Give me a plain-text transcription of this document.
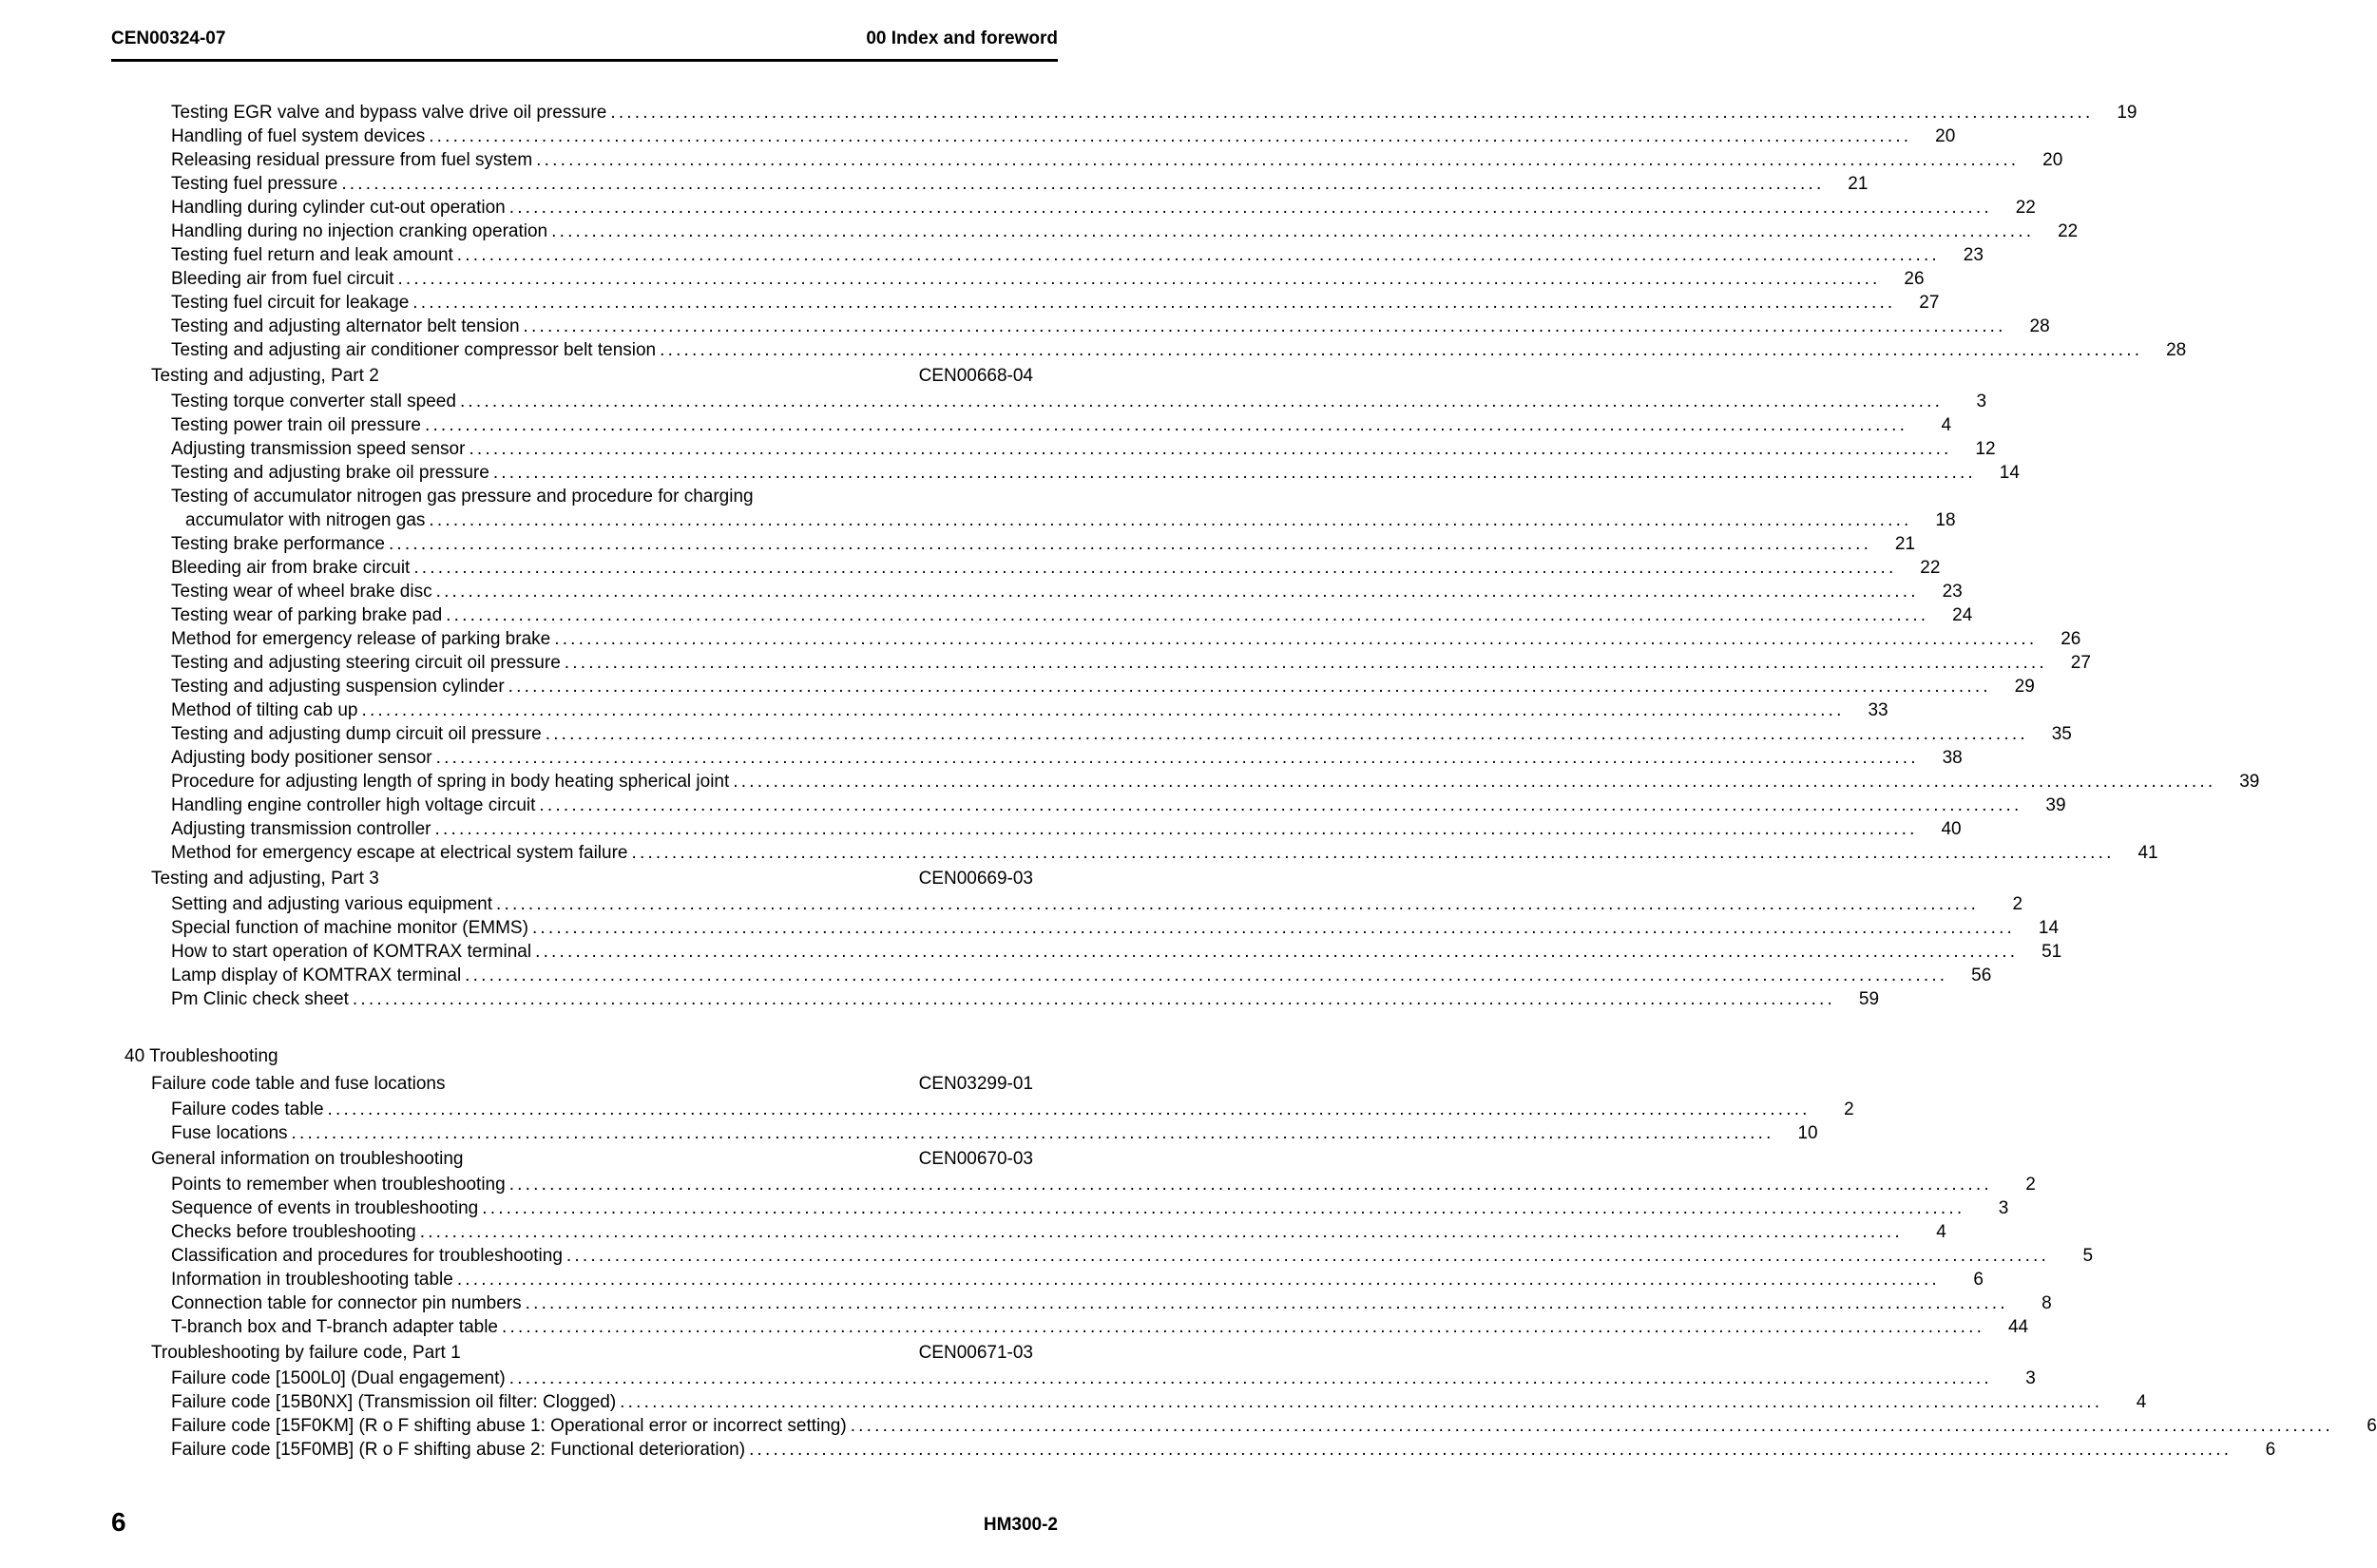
CEN00324-07	00 Index and foreword
Testing EGR valve and bypass valve drive oil pressure .....	19
Handling of fuel system devices .....	20
Releasing residual pressure from fuel system .....	20
Testing fuel pressure .....	21
Handling during cylinder cut-out operation .....	22
Handling during no injection cranking operation .....	22
Testing fuel return and leak amount .....	23
Bleeding air from fuel circuit .....	26
Testing fuel circuit for leakage .....	27
Testing and adjusting alternator belt tension .....	28
Testing and adjusting air conditioner compressor belt tension .....	28
Testing and adjusting, Part 2	CEN00668-04
Testing torque converter stall speed .....	3
Testing power train oil pressure .....	4
Adjusting transmission speed sensor .....	12
Testing and adjusting brake oil pressure .....	14
Testing of accumulator nitrogen gas pressure and procedure for charging
accumulator with nitrogen gas .....	18
Testing brake performance .....	21
Bleeding air from brake circuit .....	22
Testing wear of wheel brake disc .....	23
Testing wear of parking brake pad .....	24
Method for emergency release of parking brake .....	26
Testing and adjusting steering circuit oil pressure .....	27
Testing and adjusting suspension cylinder .....	29
Method of tilting cab up .....	33
Testing and adjusting dump circuit oil pressure .....	35
Adjusting body positioner sensor .....	38
Procedure for adjusting length of spring in body heating spherical joint .....	39
Handling engine controller high voltage circuit .....	39
Adjusting transmission controller .....	40
Method for emergency escape at electrical system failure .....	41
Testing and adjusting, Part 3	CEN00669-03
Setting and adjusting various equipment .....	2
Special function of machine monitor (EMMS) .....	14
How to start operation of KOMTRAX terminal .....	51
Lamp display of KOMTRAX terminal .....	56
Pm Clinic check sheet .....	59
40 Troubleshooting
Failure code table and fuse locations	CEN03299-01
Failure codes table .....	2
Fuse locations .....	10
General information on troubleshooting	CEN00670-03
Points to remember when troubleshooting .....	2
Sequence of events in troubleshooting .....	3
Checks before troubleshooting .....	4
Classification and procedures for troubleshooting .....	5
Information in troubleshooting table .....	6
Connection table for connector pin numbers .....	8
T-branch box and T-branch adapter table .....	44
Troubleshooting by failure code, Part 1	CEN00671-03
Failure code [1500L0] (Dual engagement) .....	3
Failure code [15B0NX] (Transmission oil filter: Clogged) .....	4
Failure code [15F0KM] (R o F shifting abuse 1: Operational error or incorrect setting) .....	6
Failure code [15F0MB] (R o F shifting abuse 2: Functional deterioration) .....	6
6	HM300-2
